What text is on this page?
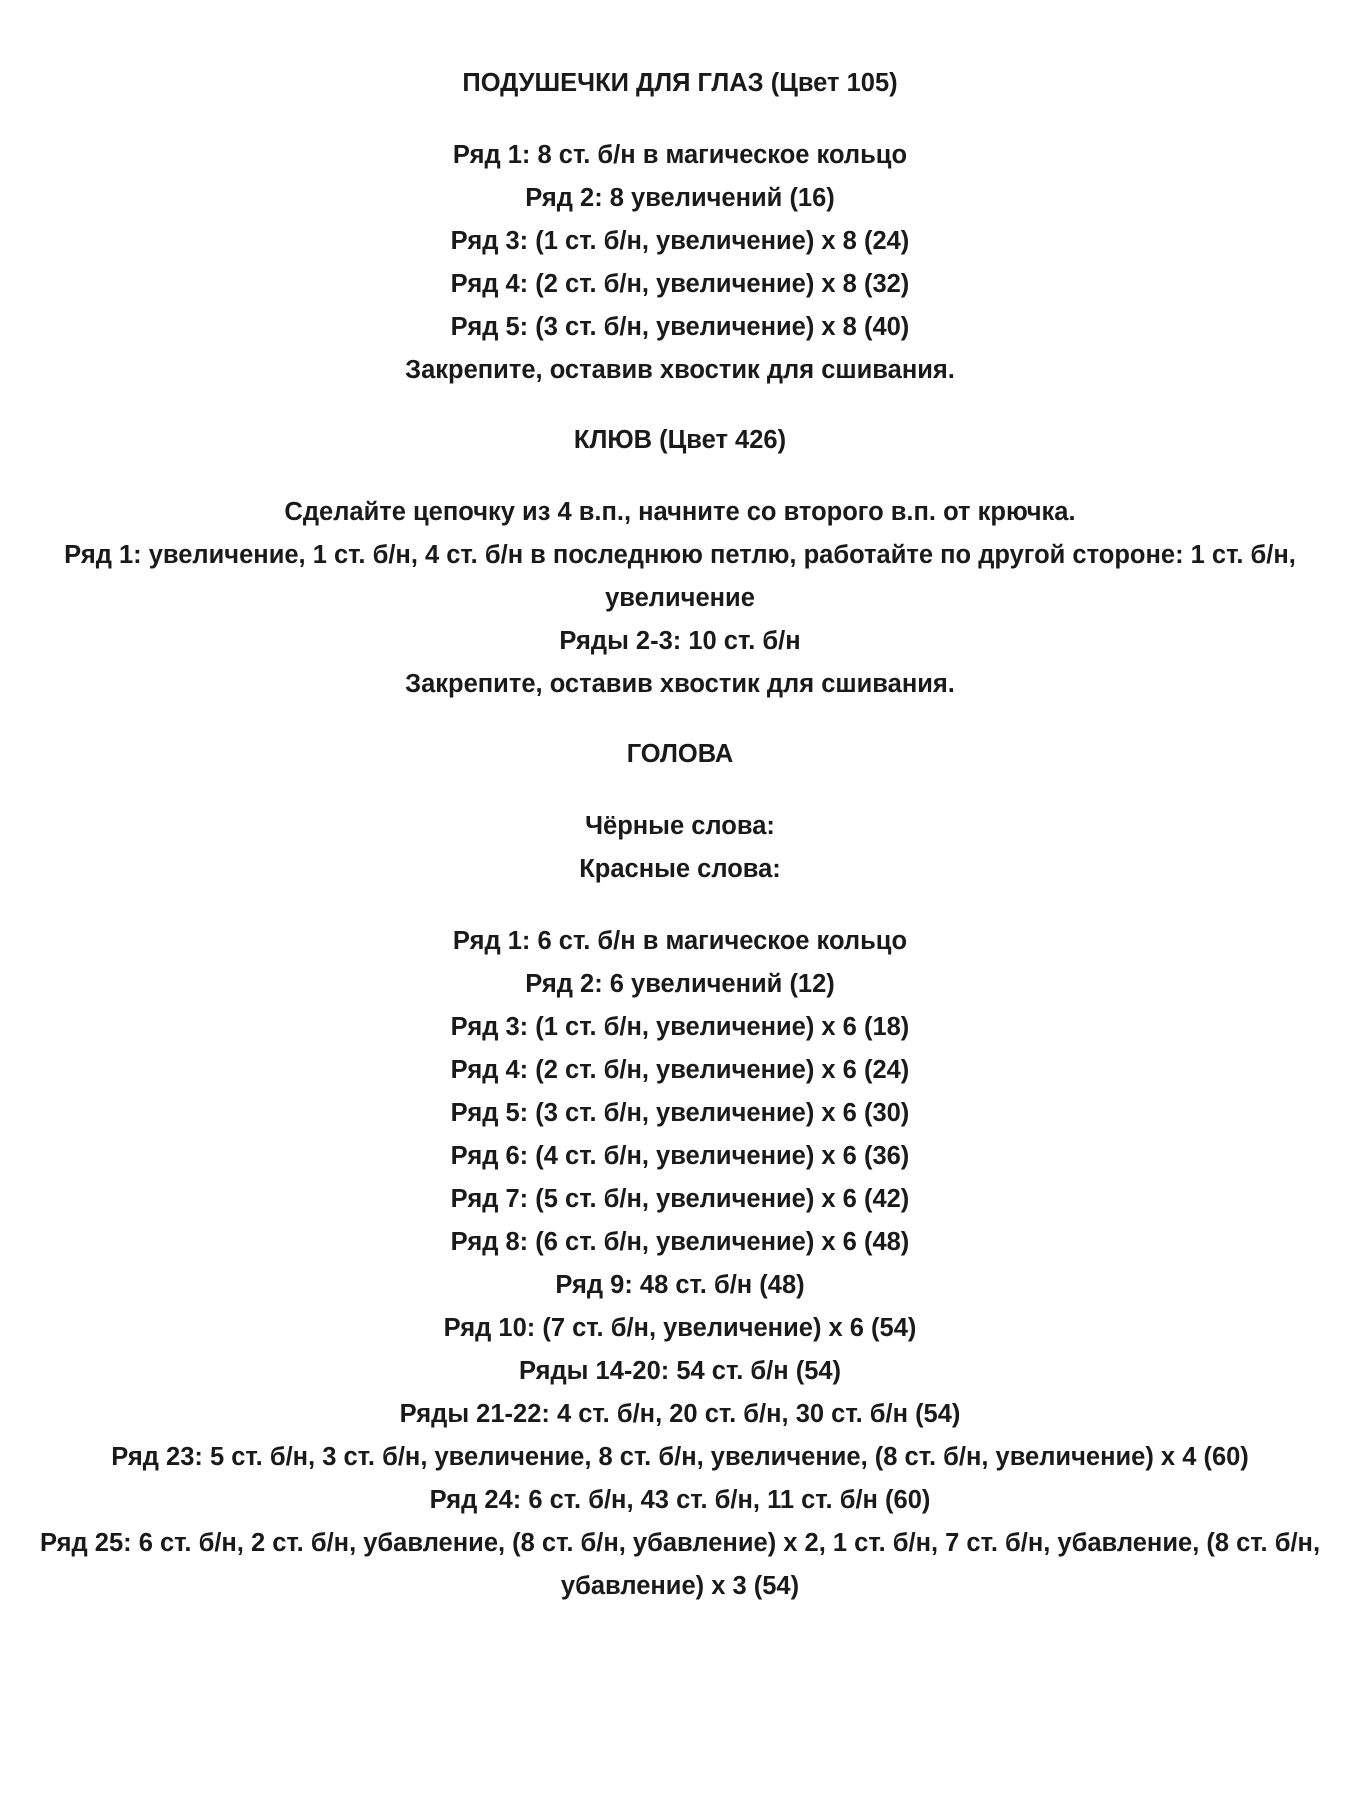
ПОДУШЕЧКИ ДЛЯ ГЛАЗ (Цвет 105)

Ряд 1: 8 ст. б/н в магическое кольцо

Ряд 2: 8 увеличений (16)

Ряд 3: (1 ст. б/н, увеличение) х 8 (24)

Ряд 4: (2 ст. б/н, увеличение) х 8 (32)

Ряд 5: (3 ст. б/н, увеличение) х 8 (40)

Закрепите, оставив хвостик для сшивания.

КЛЮВ (Цвет 426)

Сделайте цепочку из 4 в.п., начните со второго в.п. от крючка.

Ряд 1: увеличение, 1 ст. б/н, 4 ст. б/н в последнюю петлю, работайте по другой стороне: 1 ст. б/н, увеличение

Ряды 2-3: 10 ст. б/н

Закрепите, оставив хвостик для сшивания.

ГОЛОВА

Чёрные слова:

Красные слова:

Ряд 1: 6 ст. б/н в магическое кольцо

Ряд 2: 6 увеличений (12)

Ряд 3: (1 ст. б/н, увеличение) х 6 (18)

Ряд 4: (2 ст. б/н, увеличение) х 6 (24)

Ряд 5: (3 ст. б/н, увеличение) х 6 (30)

Ряд 6: (4 ст. б/н, увеличение) х 6 (36)

Ряд 7: (5 ст. б/н, увеличение) х 6 (42)

Ряд 8: (6 ст. б/н, увеличение) х 6 (48)

Ряд 9: 48 ст. б/н (48)

Ряд 10: (7 ст. б/н, увеличение) х 6 (54)

Ряды 14-20: 54 ст. б/н (54)

Ряды 21-22: 4 ст. б/н, 20 ст. б/н, 30 ст. б/н (54)

Ряд 23: 5 ст. б/н, 3 ст. б/н, увеличение, 8 ст. б/н, увеличение, (8 ст. б/н, увеличение) х 4 (60)

Ряд 24: 6 ст. б/н, 43 ст. б/н, 11 ст. б/н (60)

Ряд 25: 6 ст. б/н, 2 ст. б/н, убавление, (8 ст. б/н, убавление) х 2, 1 ст. б/н, 7 ст. б/н, убавление, (8 ст. б/н, убавление) х 3 (54)
